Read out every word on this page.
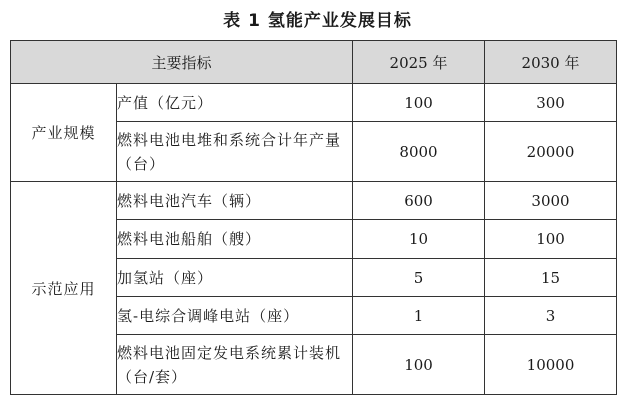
表 1 氢能产业发展目标
主要指标		2025 年	2030 年
产业规模	产值（亿元）	100	300
	燃料电池电堆和系统合计年产量（台）	8000	20000
示范应用	燃料电池汽车（辆）	600	3000
	燃料电池船舶（艘）	10	100
	加氢站（座）	5	15
	氢-电综合调峰电站（座）	1	3
	燃料电池固定发电系统累计装机（台/套）	100	10000
